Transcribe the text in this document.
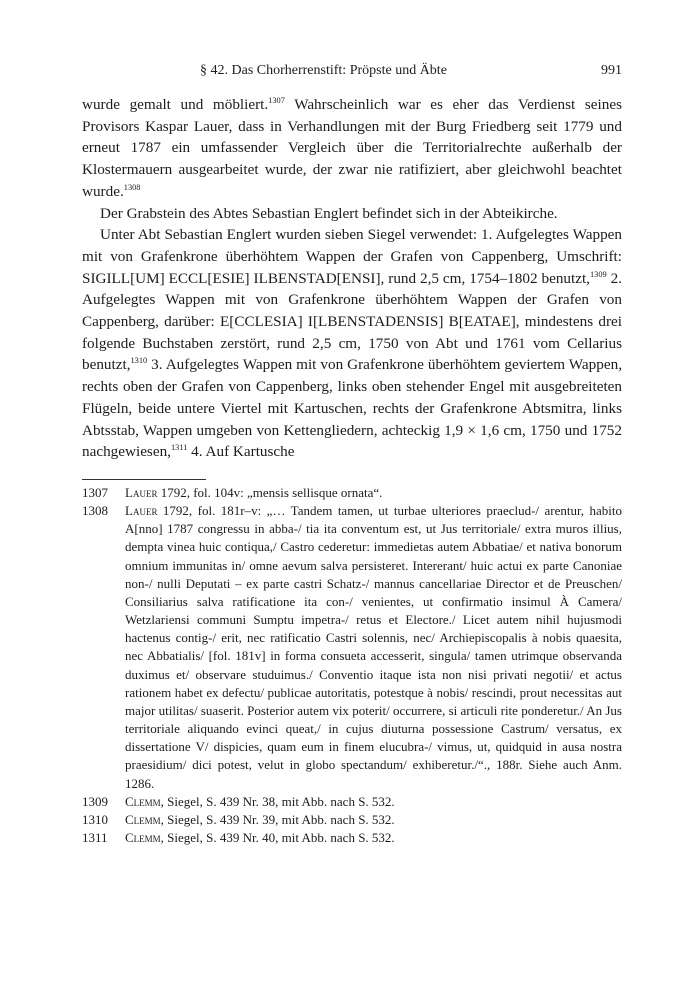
§ 42. Das Chorherrenstift: Pröpste und Äbte	991

wurde gemalt und möbliert.$^{1307}$ Wahrscheinlich war es eher das Verdienst seines Provisors Kaspar Lauer, dass in Verhandlungen mit der Burg Friedberg seit 1779 und erneut 1787 ein umfassender Vergleich über die Territorialrechte außerhalb der Klostermauern ausgearbeitet wurde, der zwar nie ratifiziert, aber gleichwohl beachtet wurde.$^{1308}$

Der Grabstein des Abtes Sebastian Englert befindet sich in der Abteikirche.

Unter Abt Sebastian Englert wurden sieben Siegel verwendet: 1. Aufgelegtes Wappen mit von Grafenkrone überhöhtem Wappen der Grafen von Cappenberg, Umschrift: SIGILL[UM] ECCL[ESIE] ILBENSTAD[ENSI], rund 2,5 cm, 1754–1802 benutzt,$^{1309}$ 2. Aufgelegtes Wappen mit von Grafenkrone überhöhtem Wappen der Grafen von Cappenberg, darüber: E[CCLESIA] I[LBENSTADENSIS] B[EATAE], mindestens drei folgende Buchstaben zerstört, rund 2,5 cm, 1750 von Abt und 1761 vom Cellarius benutzt,$^{1310}$ 3. Aufgelegtes Wappen mit von Grafenkrone überhöhtem geviertem Wappen, rechts oben der Grafen von Cappenberg, links oben stehender Engel mit ausgebreiteten Flügeln, beide untere Viertel mit Kartuschen, rechts der Grafenkrone Abtsmitra, links Abtsstab, Wappen umgeben von Kettengliedern, achteckig 1,9 × 1,6 cm, 1750 und 1752 nachgewiesen,$^{1311}$ 4. Auf Kartusche

1307 Lauer 1792, fol. 104v: „mensis sellisque ornata“.
1308 Lauer 1792, fol. 181r–v: „… Tandem tamen, ut turbae ulteriores praeclud-/ arentur, habito A[nno] 1787 congressu in abba-/ tia ita conventum est, ut Jus territoriale/ extra muros illius, dempta vinea huic contiqua,/ Castro cederetur: immedietas autem Abbatiae/ et nativa bonorum omnium immunitas in/ omne aevum salva persisteret. Intererant/ huic actui ex parte Canoniae non-/ nulli Deputati – ex parte castri Schatz-/ mannus cancellariae Director et de Preuschen/ Consiliarius salva ratificatione ita con-/ venientes, ut confirmatio insimul À Camera/ Wetzlariensi communi Sumptu impetra-/ retus et Electore./ Licet autem nihil hujusmodi hactenus contig-/ erit, nec ratificatio Castri solennis, nec/ Archiepiscopalis à nobis quaesita, nec Abbatialis/ [fol. 181v] in forma consueta accesserit, singula/ tamen utrimque observanda duximus et/ observare studuimus./ Conventio itaque ista non nisi privati negotii/ et actus rationem habet ex defectu/ publicae autoritatis, potestque à nobis/ rescindi, prout necessitas aut major utilitas/ suaserit. Posterior autem vix poterit/ occurrere, si articuli rite ponderetur./ An Jus territoriale aliquando evinci queat,/ in cujus diuturna possessione Castrum/ versatus, ex dissertatione V/ dispicies, quam eum in finem elucubra-/ vimus, ut, quidquid in ausa nostra praesidium/ dici potest, velut in globo spectandum/ exhiberetur./“., 188r. Siehe auch Anm. 1286.
1309 Clemm, Siegel, S. 439 Nr. 38, mit Abb. nach S. 532.
1310 Clemm, Siegel, S. 439 Nr. 39, mit Abb. nach S. 532.
1311 Clemm, Siegel, S. 439 Nr. 40, mit Abb. nach S. 532.
